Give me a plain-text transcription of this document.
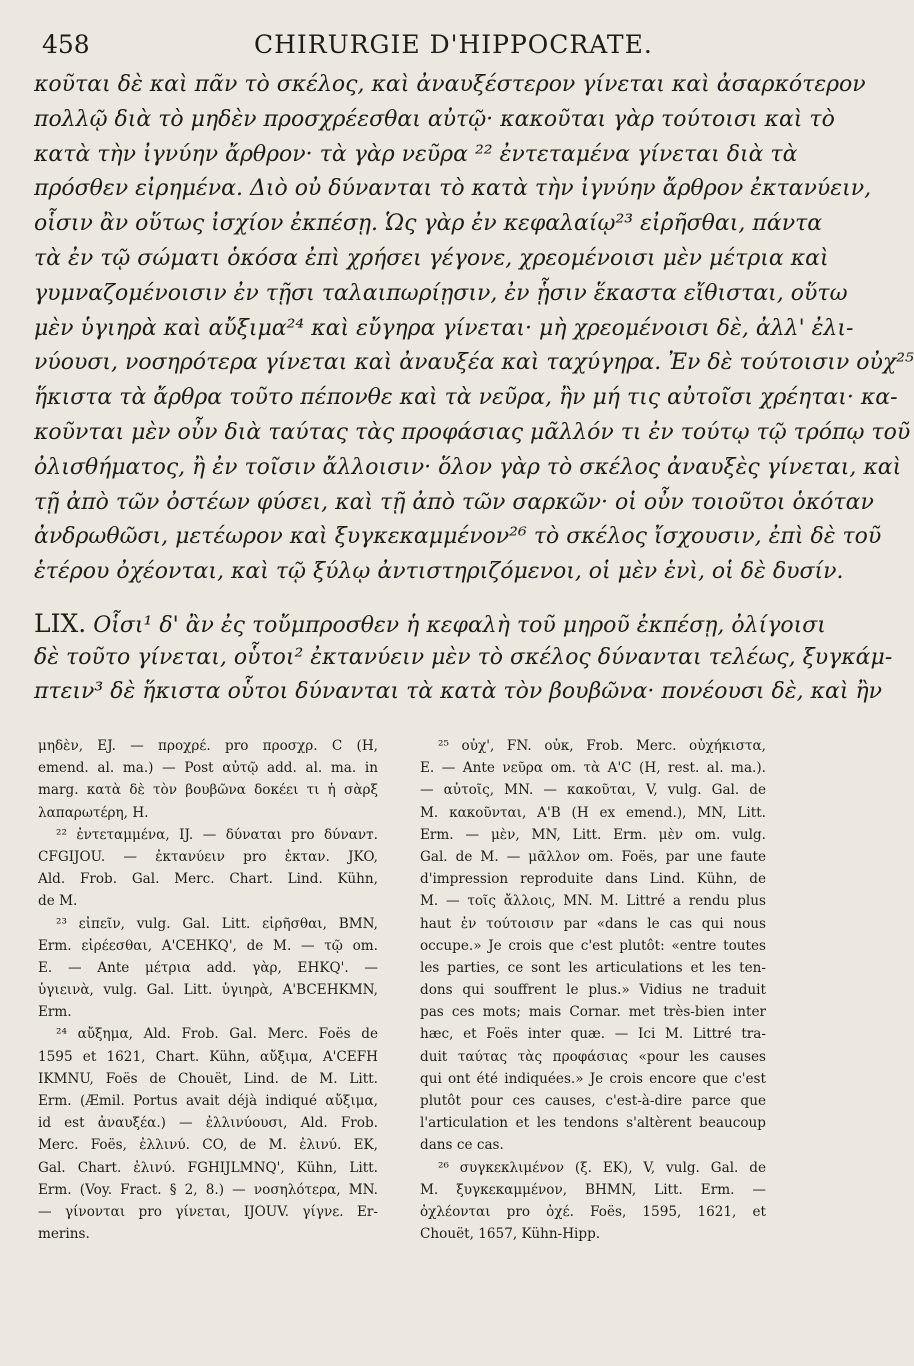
458	CHIRURGIE D'HIPPOCRATE.
κοῦται δὲ καὶ πᾶν τὸ σκέλος, καὶ ἀναυξέστερον γίνεται καὶ ἀσαρκότερον
πολλῷ διὰ τὸ μηδὲν προσχρέεσθαι αὐτῷ· κακοῦται γὰρ τούτοισι καὶ τὸ
κατὰ τὴν ἰγνύην ἄρθρον· τὰ γὰρ νεῦρα ²² ἐντεταμένα γίνεται διὰ τὰ
πρόσθεν εἰρημένα. Διὸ οὐ δύνανται τὸ κατὰ τὴν ἰγνύην ἄρθρον ἐκτανύειν,
οἷσιν ἂν οὕτως ἰσχίον ἐκπέσῃ. Ὡς γὰρ ἐν κεφαλαίῳ²³ εἰρῆσθαι, πάντα
τὰ ἐν τῷ σώματι ὁκόσα ἐπὶ χρήσει γέγονε, χρεομένοισι μὲν μέτρια καὶ
γυμναζομένοισιν ἐν τῇσι ταλαιπωρίῃσιν, ἐν ᾗσιν ἕκαστα εἴθισται, οὕτω
μὲν ὑγιηρὰ καὶ αὔξιμα²⁴ καὶ εὔγηρα γίνεται· μὴ χρεομένοισι δὲ, ἀλλ' ἐλι-
νύουσι, νοσηρότερα γίνεται καὶ ἀναυξέα καὶ ταχύγηρα. Ἐν δὲ τούτοισιν οὐχ²⁵
ἥκιστα τὰ ἄρθρα τοῦτο πέπονθε καὶ τὰ νεῦρα, ἢν μή τις αὐτοῖσι χρέηται· κα-
κοῦνται μὲν οὖν διὰ ταύτας τὰς προφάσιας μᾶλλόν τι ἐν τούτῳ τῷ τρόπῳ τοῦ
ὀλισθήματος, ἢ ἐν τοῖσιν ἄλλοισιν· ὅλον γὰρ τὸ σκέλος ἀναυξὲς γίνεται, καὶ
τῇ ἀπὸ τῶν ὀστέων φύσει, καὶ τῇ ἀπὸ τῶν σαρκῶν· οἱ οὖν τοιοῦτοι ὁκόταν
ἀνδρωθῶσι, μετέωρον καὶ ξυγκεκαμμένον²⁶ τὸ σκέλος ἴσχουσιν, ἐπὶ δὲ τοῦ
ἑτέρου ὀχέονται, καὶ τῷ ξύλῳ ἀντιστηριζόμενοι, οἱ μὲν ἑνὶ, οἱ δὲ δυσίν.
LIX. Οἷσι¹ δ' ἂν ἐς τοὔμπροσθεν ἡ κεφαλὴ τοῦ μηροῦ ἐκπέσῃ, ὀλίγοισι
δὲ τοῦτο γίνεται, οὗτοι² ἐκτανύειν μὲν τὸ σκέλος δύνανται τελέως, ξυγκάμ-
πτειν³ δὲ ἥκιστα οὗτοι δύνανται τὰ κατὰ τὸν βουβῶνα· πονέουσι δὲ, καὶ ἢν
μηδὲν, EJ. — προχρέ. pro προσχρ. C (H,
emend. al. ma.) — Post αὐτῷ add. al. ma. in
marg. κατὰ δὲ τὸν βουβῶνα δοκέει τι ἡ σὰρξ
λαπαρωτέρη, H.
²² ἐντεταμμένα, IJ. — δύναται pro δύνανт.
CFGIJOU. — ἐκτανύειν pro ἐκταν. JKO,
Ald. Frob. Gal. Merc. Chart. Lind. Kühn,
de M.
²³ εἰπεῖν, vulg. Gal. Litt. εἰρῆσθαι, BMN,
Erm. εἰρέεσθαι, A'CEHKQ', de M. — τῷ om.
E. — Ante μέτρια add. γὰρ, EHKQ'. —
ὑγιεινὰ, vulg. Gal. Litt. ὑγιηρὰ, A'BCEHKMN,
Erm.
²⁴ αὔξημα, Ald. Frob. Gal. Merc. Foës de
1595 et 1621, Chart. Kühn, αὔξιμα, A'CEFH
IKMNU, Foës de Chouët, Lind. de M. Litt.
Erm. (Æmil. Portus avait déjà indiqué αὔξιμα,
id est ἀναυξέα.) — ἐλλινύουσι, Ald. Frob.
Merc. Foës, ἐλλινύ. CO, de M. ἐλινύ. EK,
Gal. Chart. ἐλινύ. FGHIJLMNQ', Kühn, Litt.
Erm. (Voy. Fract. § 2, 8.) — νοσηλότερα, MN.
— γίνονται pro γίνεται, IJOUV. γίγνε. Er-
merins.
²⁵ οὐχ', FN. οὐκ, Frob. Merc. οὐχήκιστα,
E. — Ante νεῦρα om. τὰ A'C (H, rest. al. ma.).
— αὐτοῖς, MN. — κακοῦται, V, vulg. Gal. de
M. κακοῦνται, A'B (H ex emend.), MN, Litt.
Erm. — μὲν, MN, Litt. Erm. μὲν om. vulg.
Gal. de M. — μᾶλλον om. Foës, par une faute
d'impression reproduite dans Lind. Kühn, de
M. — τοῖς ἄλλοις, MN. M. Littré a rendu plus
haut ἐν τούτοισιν par «dans le cas qui nous
occupe.» Je crois que c'est plutôt: «entre toutes
les parties, ce sont les articulations et les ten-
dons qui souffrent le plus.» Vidius ne traduit
pas ces mots; mais Cornar. met très-bien inter
hæc, et Foës inter quæ. — Ici M. Littré tra-
duit ταύτας τὰς προφάσιας «pour les causes
qui ont été indiquées.» Je crois encore que c'est
plutôt pour ces causes, c'est-à-dire parce que
l'articulation et les tendons s'altèrent beaucoup
dans ce cas.
²⁶ συγκεκλιμένον (ξ. EK), V, vulg. Gal. de
M. ξυγκεκαμμένον, BHMN, Litt. Erm. —
ὀχλέονται pro ὀχέ. Foës, 1595, 1621, et
Chouët, 1657, Kühn-Hipp.
